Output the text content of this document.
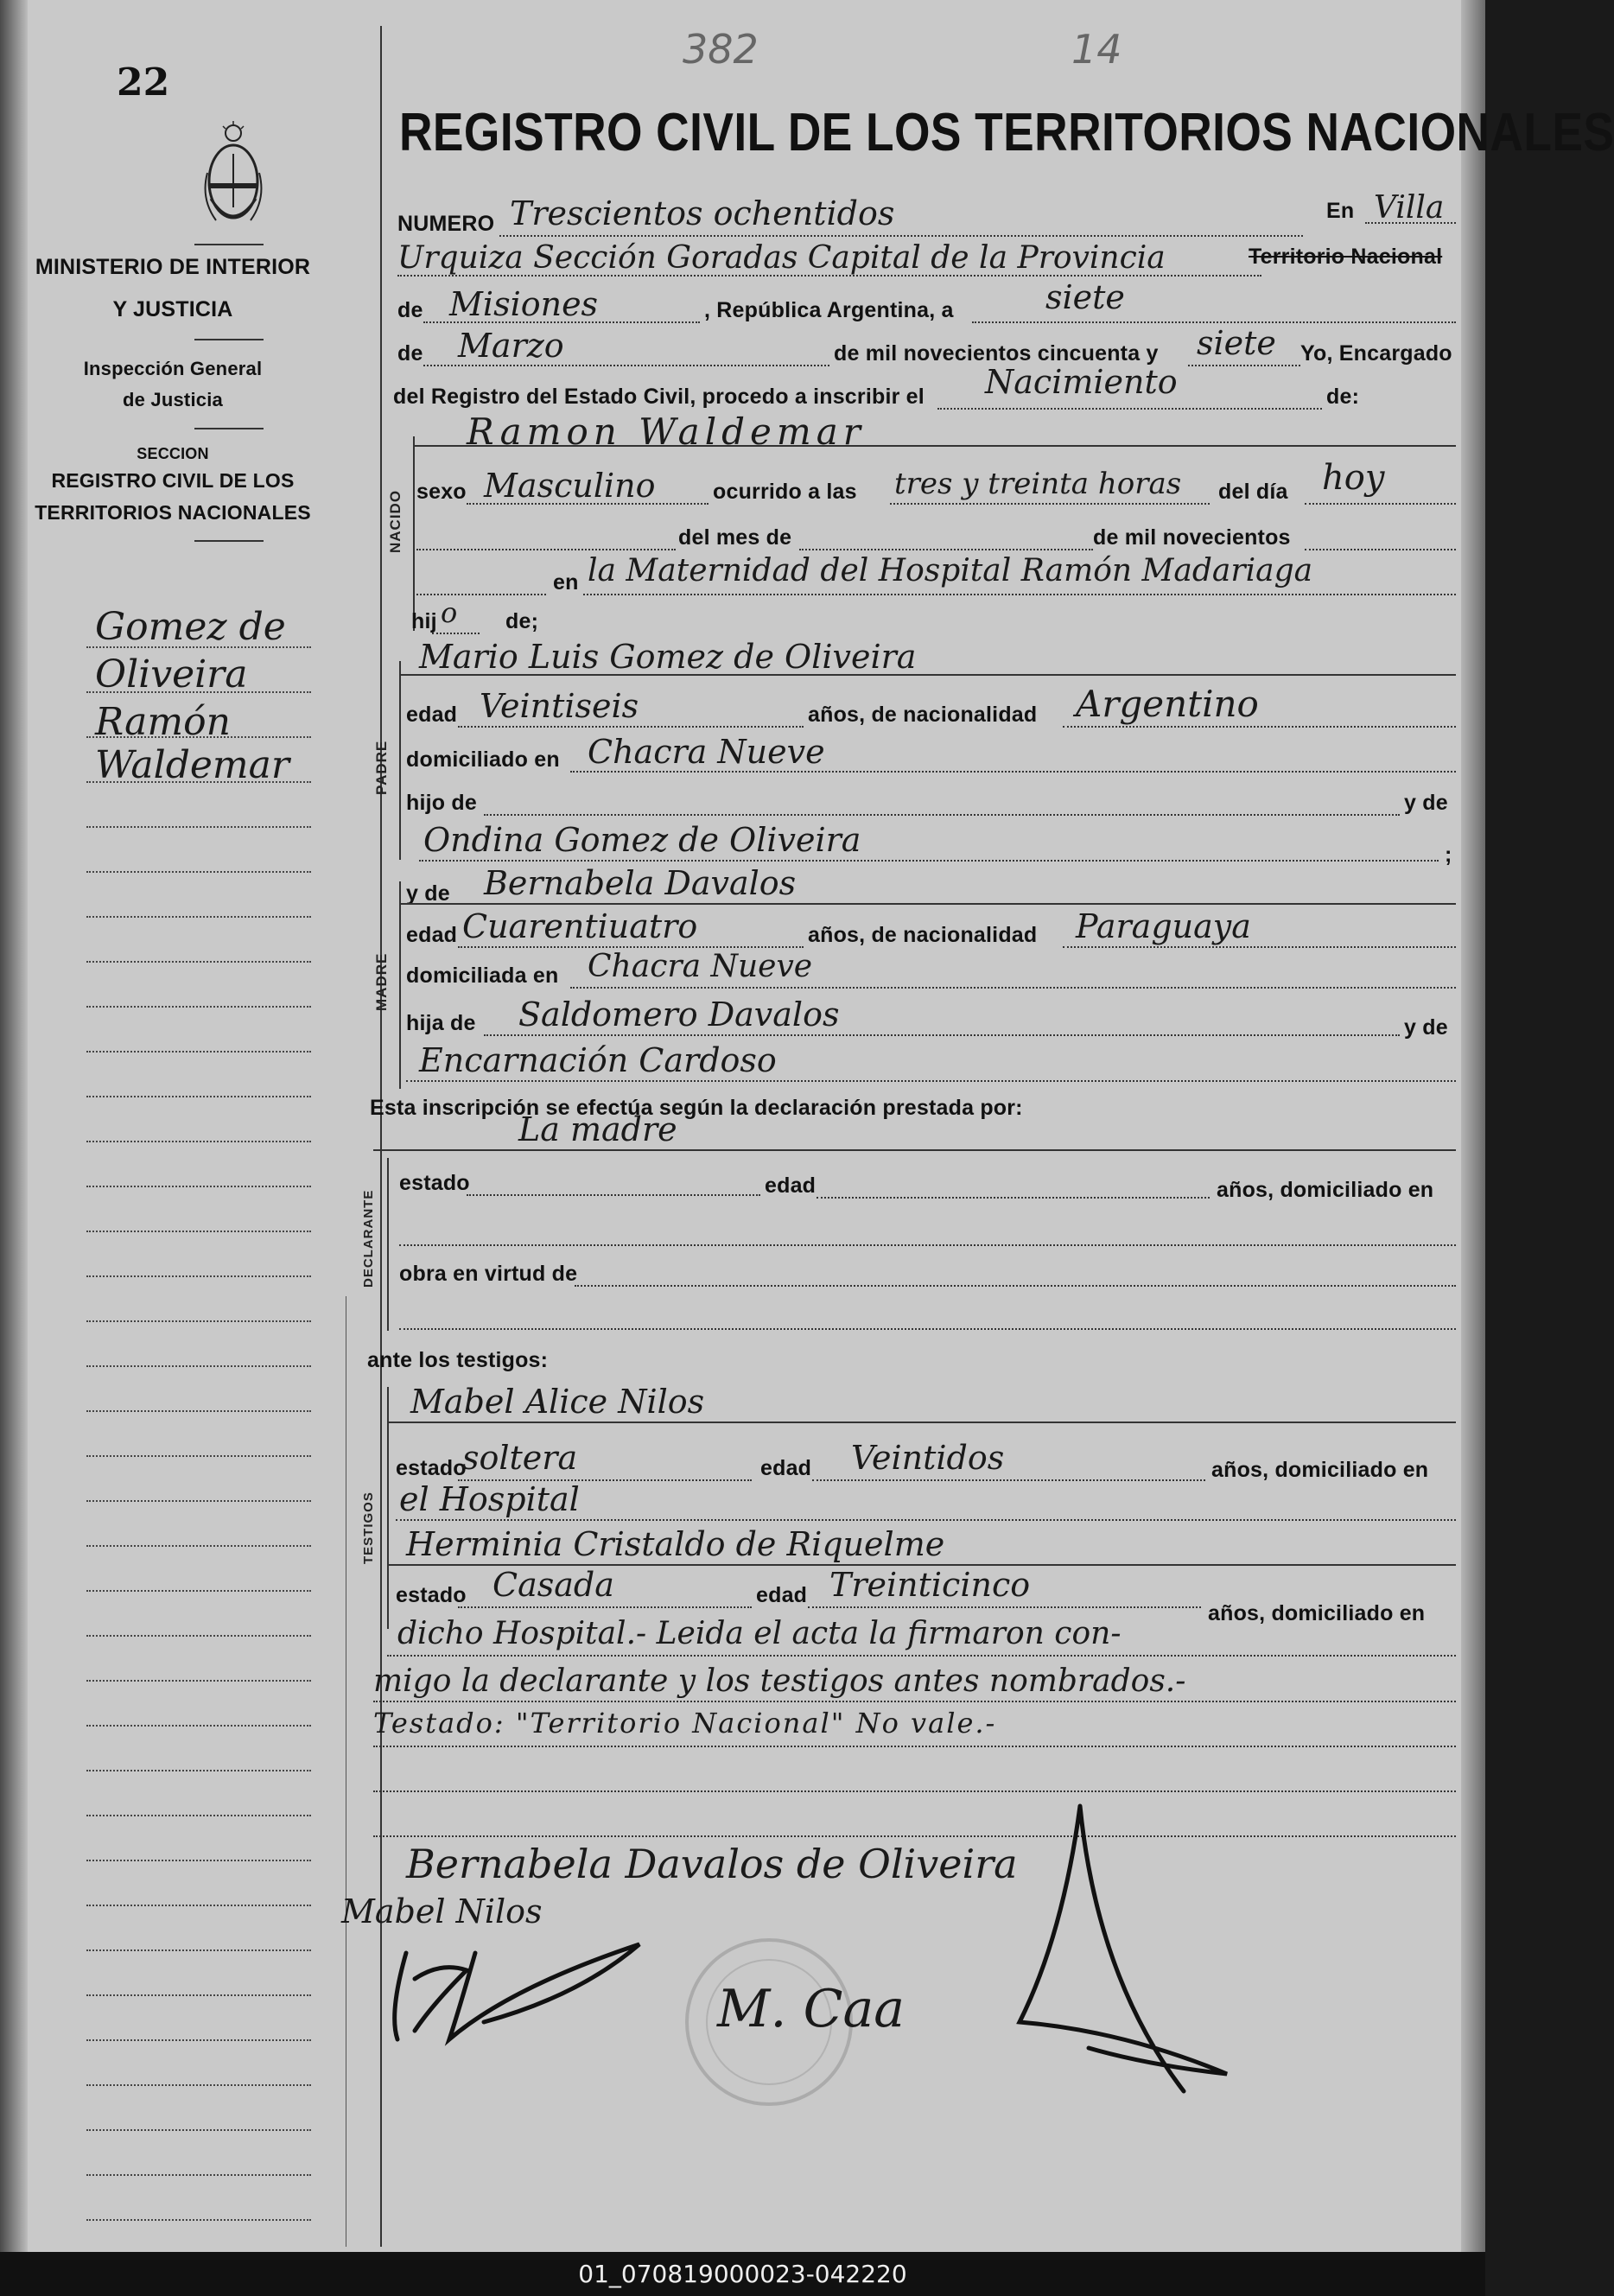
22
382	14
MINISTERIO DE INTERIOR
Y JUSTICIA
Inspección General
de Justicia
SECCION
REGISTRO CIVIL DE LOS
TERRITORIOS NACIONALES
Gomez de
Oliveira
Ramón
Waldemar
REGISTRO CIVIL DE LOS TERRITORIOS NACIONALES
NUMERO Trescientos ochentidos	En Villa
Urquiza Sección Goradas Capital de la Provincia	Territorio Nacional
de Misiones	, República Argentina, a	siete
de Marzo	de mil novecientos cincuenta y siete Yo, Encargado
del Registro del Estado Civil, procedo a inscribir el Nacimiento	de:
NACIDO
Ramon Waldemar
sexo Masculino	ocurrido a las tres y treinta horas del día hoy
del mes de	de mil novecientos
en la Maternidad del Hospital Ramón Madariaga
hij o de;
PADRE
Mario Luis Gomez de Oliveira
edad Veintiseis	años, de nacionalidad Argentino
domiciliado en Chacra Nueve
hijo de	y de
Ondina Gomez de Oliveira	;
MADRE
y de Bernabela Davalos
edad Cuarentiuatro	años, de nacionalidad Paraguaya
domiciliada en Chacra Nueve
hija de Saldomero Davalos	y de
Encarnación Cardoso
Esta inscripción se efectúa según la declaración prestada por:
La madre
DECLARANTE
estado	edad	años, domiciliado en
obra en virtud de
ante los testigos:
TESTIGOS
Mabel Alice Nilos
estado
soltera	edad Veintidos	años, domiciliado en
el Hospital
Herminia Cristaldo de Riquelme
estado Casada	edad Treinticinco
años, domiciliado en
dicho Hospital.- Leida el acta la firmaron con-
migo la declarante y los testigos antes nombrados.-
Testado: "Territorio Nacional" No vale.-
Bernabela Davalos de Oliveira
Mabel Nilos
M. Caa
01_070819000023-042220
